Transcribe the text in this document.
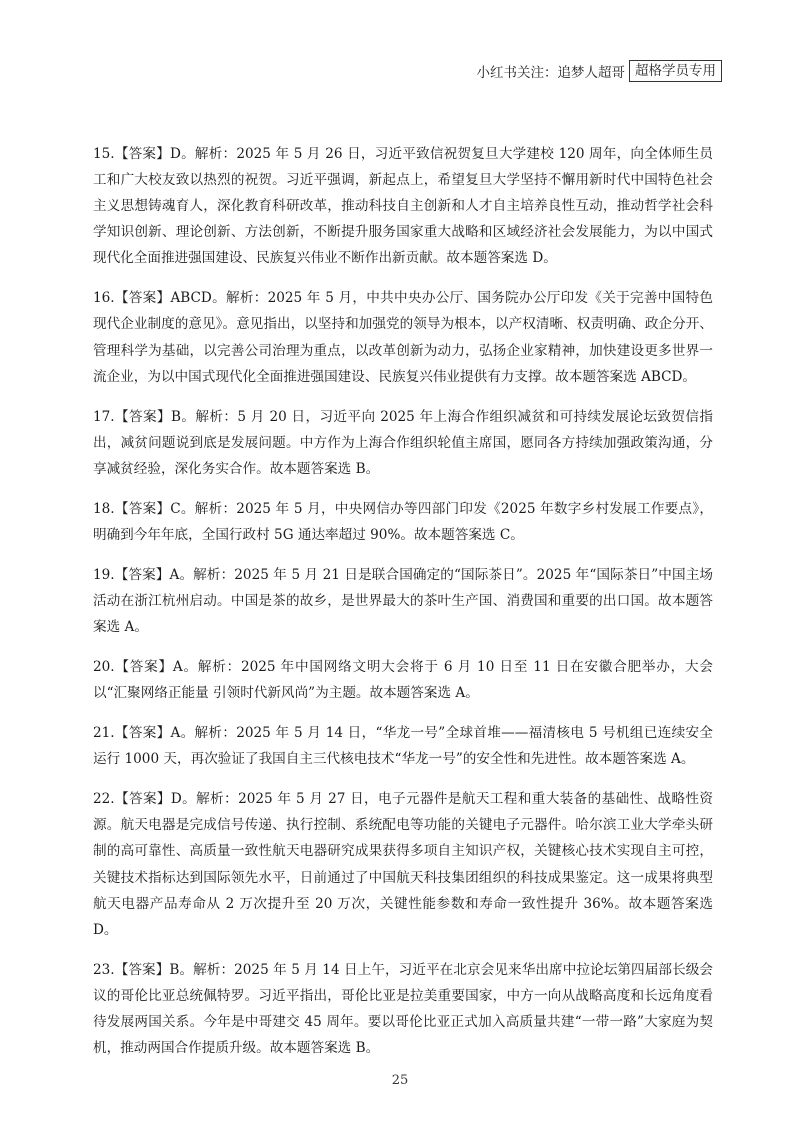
小红书关注：追梦人超哥 超格学员专用

15.【答案】D。解析：2025 年 5 月 26 日，习近平致信祝贺复旦大学建校 120 周年，向全体师生员工和广大校友致以热烈的祝贺。习近平强调，新起点上，希望复旦大学坚持不懈用新时代中国特色社会主义思想铸魂育人，深化教育科研改革，推动科技自主创新和人才自主培养良性互动，推动哲学社会科学知识创新、理论创新、方法创新，不断提升服务国家重大战略和区域经济社会发展能力，为以中国式现代化全面推进强国建设、民族复兴伟业不断作出新贡献。故本题答案选 D。

16.【答案】ABCD。解析：2025 年 5 月，中共中央办公厅、国务院办公厅印发《关于完善中国特色现代企业制度的意见》。意见指出，以坚持和加强党的领导为根本，以产权清晰、权责明确、政企分开、管理科学为基础，以完善公司治理为重点，以改革创新为动力，弘扬企业家精神，加快建设更多世界一流企业，为以中国式现代化全面推进强国建设、民族复兴伟业提供有力支撑。故本题答案选 ABCD。

17.【答案】B。解析：5 月 20 日，习近平向 2025 年上海合作组织减贫和可持续发展论坛致贺信指出，减贫问题说到底是发展问题。中方作为上海合作组织轮值主席国，愿同各方持续加强政策沟通，分享减贫经验，深化务实合作。故本题答案选 B。

18.【答案】C。解析：2025 年 5 月，中央网信办等四部门印发《2025 年数字乡村发展工作要点》，明确到今年年底，全国行政村 5G 通达率超过 90%。故本题答案选 C。

19.【答案】A。解析：2025 年 5 月 21 日是联合国确定的“国际茶日”。2025 年“国际茶日”中国主场活动在浙江杭州启动。中国是茶的故乡，是世界最大的茶叶生产国、消费国和重要的出口国。故本题答案选 A。

20.【答案】A。解析：2025 年中国网络文明大会将于 6 月 10 日至 11 日在安徽合肥举办，大会以“汇聚网络正能量 引领时代新风尚”为主题。故本题答案选 A。

21.【答案】A。解析：2025 年 5 月 14 日，“华龙一号”全球首堆——福清核电 5 号机组已连续安全运行 1000 天，再次验证了我国自主三代核电技术“华龙一号”的安全性和先进性。故本题答案选 A。

22.【答案】D。解析：2025 年 5 月 27 日，电子元器件是航天工程和重大装备的基础性、战略性资源。航天电器是完成信号传递、执行控制、系统配电等功能的关键电子元器件。哈尔滨工业大学牵头研制的高可靠性、高质量一致性航天电器研究成果获得多项自主知识产权，关键核心技术实现自主可控，关键技术指标达到国际领先水平，日前通过了中国航天科技集团组织的科技成果鉴定。这一成果将典型航天电器产品寿命从 2 万次提升至 20 万次，关键性能参数和寿命一致性提升 36%。故本题答案选 D。

23.【答案】B。解析：2025 年 5 月 14 日上午，习近平在北京会见来华出席中拉论坛第四届部长级会议的哥伦比亚总统佩特罗。习近平指出，哥伦比亚是拉美重要国家，中方一向从战略高度和长远角度看待发展两国关系。今年是中哥建交 45 周年。要以哥伦比亚正式加入高质量共建“一带一路”大家庭为契机，推动两国合作提质升级。故本题答案选 B。

25
